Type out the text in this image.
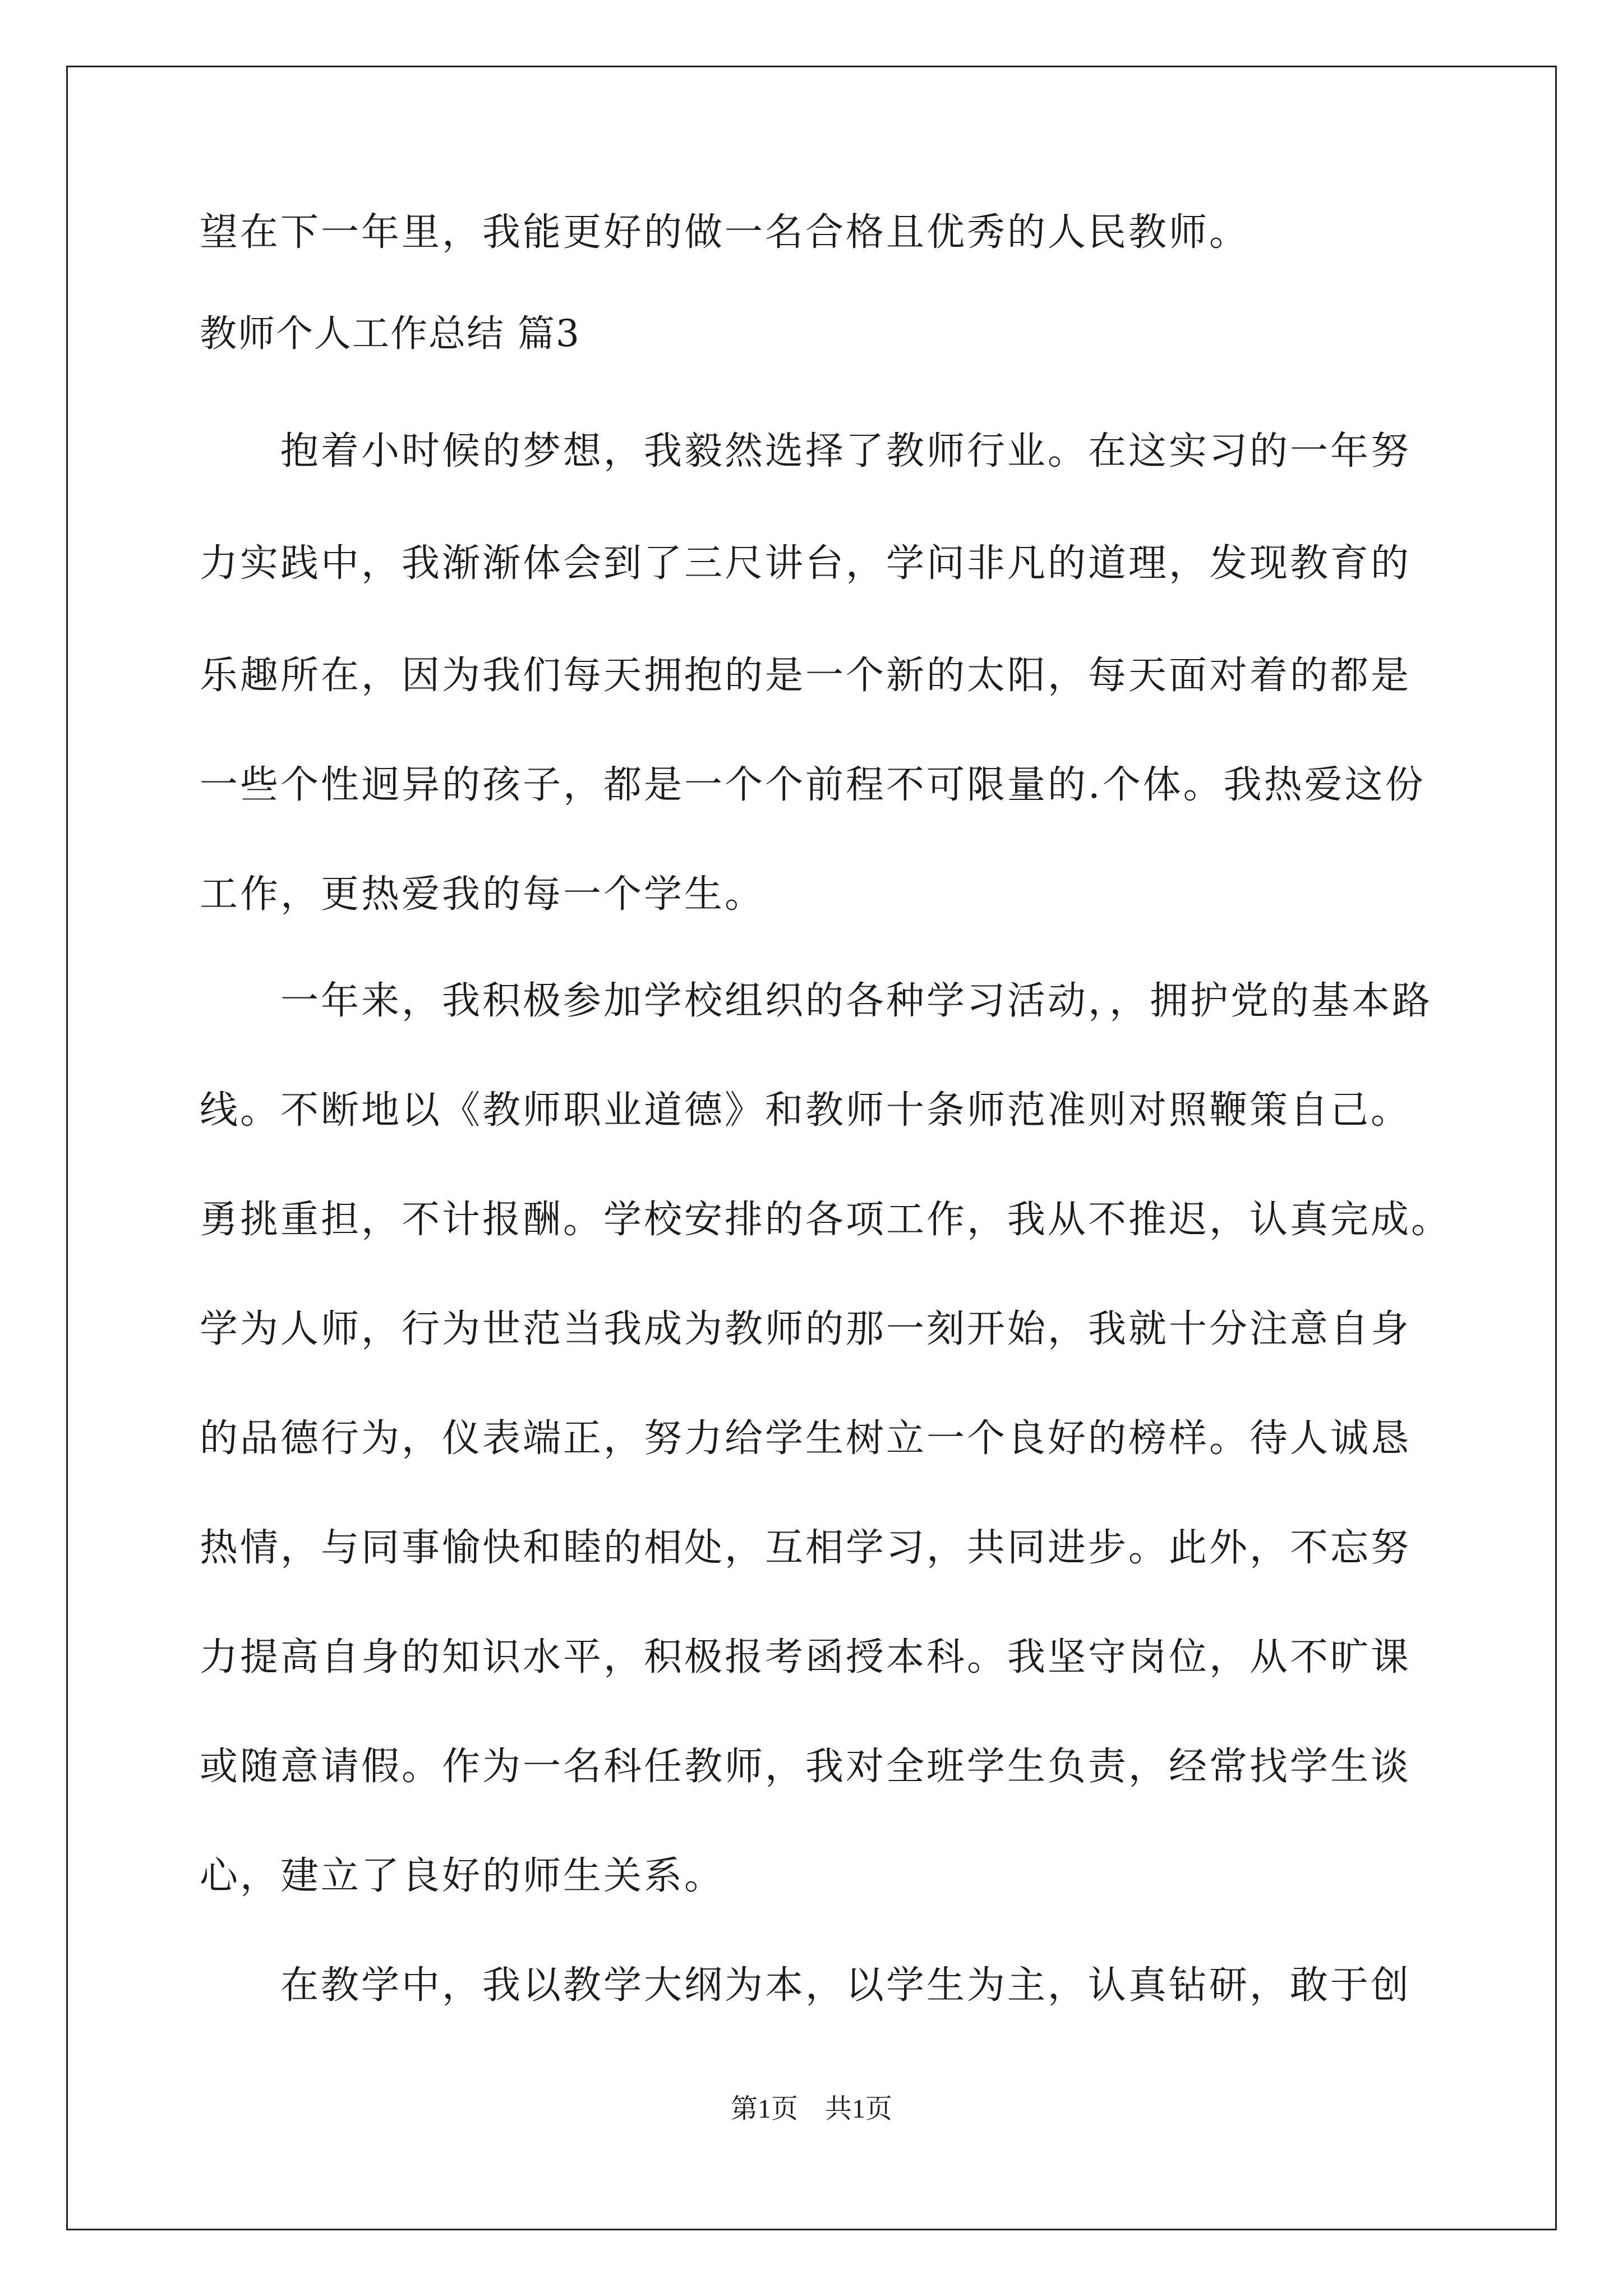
望在下一年里，我能更好的做一名合格且优秀的人民教师。
教师个人工作总结 篇3
抱着小时候的梦想，我毅然选择了教师行业。在这实习的一年努
力实践中，我渐渐体会到了三尺讲台，学问非凡的道理，发现教育的
乐趣所在，因为我们每天拥抱的是一个新的太阳，每天面对着的都是
一些个性迥异的孩子，都是一个个前程不可限量的.个体。我热爱这份
工作，更热爱我的每一个学生。
一年来，我积极参加学校组织的各种学习活动，，拥护党的基本路
线。不断地以《教师职业道德》和教师十条师范准则对照鞭策自己。
勇挑重担，不计报酬。学校安排的各项工作，我从不推迟，认真完成。
学为人师，行为世范当我成为教师的那一刻开始，我就十分注意自身
的品德行为，仪表端正，努力给学生树立一个良好的榜样。待人诚恳
热情，与同事愉快和睦的相处，互相学习，共同进步。此外，不忘努
力提高自身的知识水平，积极报考函授本科。我坚守岗位，从不旷课
或随意请假。作为一名科任教师，我对全班学生负责，经常找学生谈
心，建立了良好的师生关系。
在教学中，我以教学大纲为本，以学生为主，认真钻研，敢于创
第1页　共1页
